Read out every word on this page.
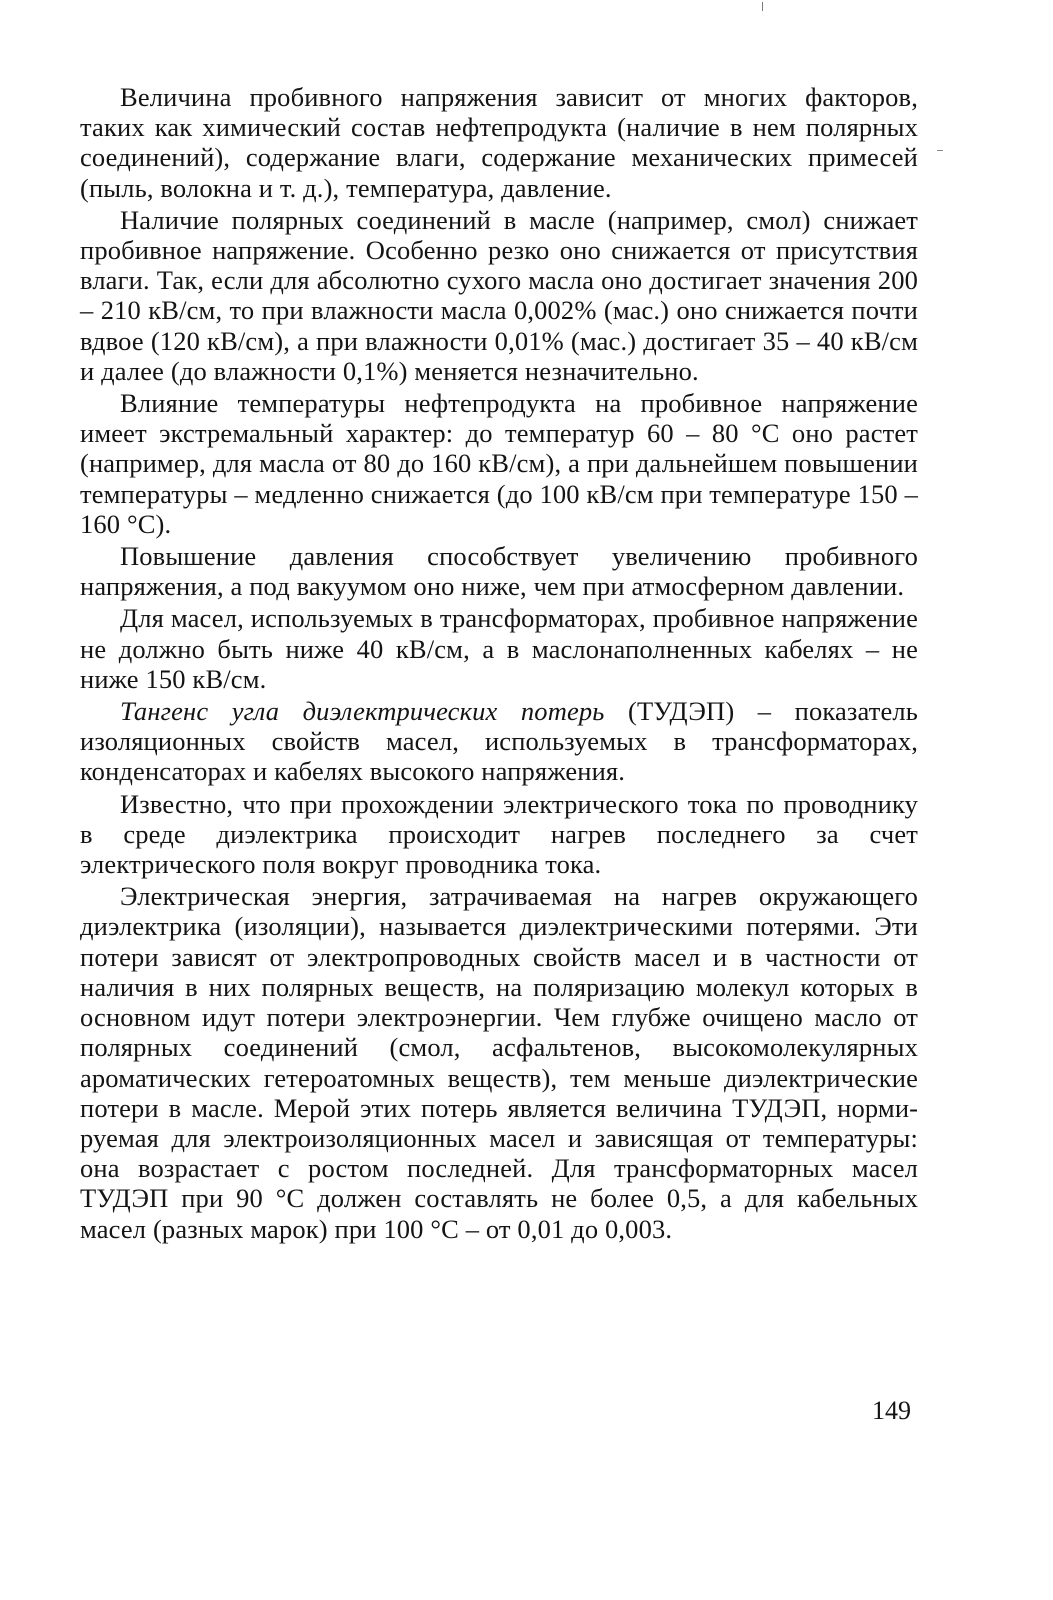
Величина пробивного напряжения зависит от многих факторов, таких как химический состав нефтепродукта (наличие в нем полярных соединений), содержание влаги, содержание механических примесей (пыль, волокна и т. д.), температура, давление.

Наличие полярных соединений в масле (например, смол) снижает пробивное напряжение. Особенно резко оно снижается от присутствия влаги. Так, если для абсолютно сухого масла оно достигает значения 200 – 210 кВ/см, то при влажности масла 0,002% (мас.) оно снижается почти вдвое (120 кВ/см), а при влажности 0,01% (мас.) достигает 35 – 40 кВ/см и далее (до влажности 0,1%) меняется незначительно.

Влияние температуры нефтепродукта на пробивное напряжение имеет экстремальный характер: до температур 60 – 80 °С оно растет (например, для масла от 80 до 160 кВ/см), а при дальнейшем повышении температуры – медленно снижается (до 100 кВ/см при температуре 150 – 160 °С).

Повышение давления способствует увеличению пробивного напряжения, а под вакуумом оно ниже, чем при атмосферном давлении.

Для масел, используемых в трансформаторах, пробивное напряжение не должно быть ниже 40 кВ/см, а в маслонаполненных кабелях – не ниже 150 кВ/см.

Тангенс угла диэлектрических потерь (ТУДЭП) – показатель изоляционных свойств масел, используемых в трансформаторах, конденсаторах и кабелях высокого напряжения.

Известно, что при прохождении электрического тока по проводнику в среде диэлектрика происходит нагрев последнего за счет электрического поля вокруг проводника тока.

Электрическая энергия, затрачиваемая на нагрев окружающего диэлектрика (изоляции), называется диэлектрическими потерями. Эти потери зависят от электропроводных свойств масел и в частности от наличия в них полярных веществ, на поляризацию молекул которых в основном идут потери электроэнергии. Чем глубже очищено масло от полярных соединений (смол, асфальтенов, высокомолекулярных ароматических гетероатомных веществ), тем меньше диэлектрические потери в масле. Мерой этих потерь является величина ТУДЭП, нормируемая для электроизоляционных масел и зависящая от температуры: она возрастает с ростом последней. Для трансформаторных масел ТУДЭП при 90 °С должен составлять не более 0,5, а для кабельных масел (разных марок) при 100 °С – от 0,01 до 0,003.

149
